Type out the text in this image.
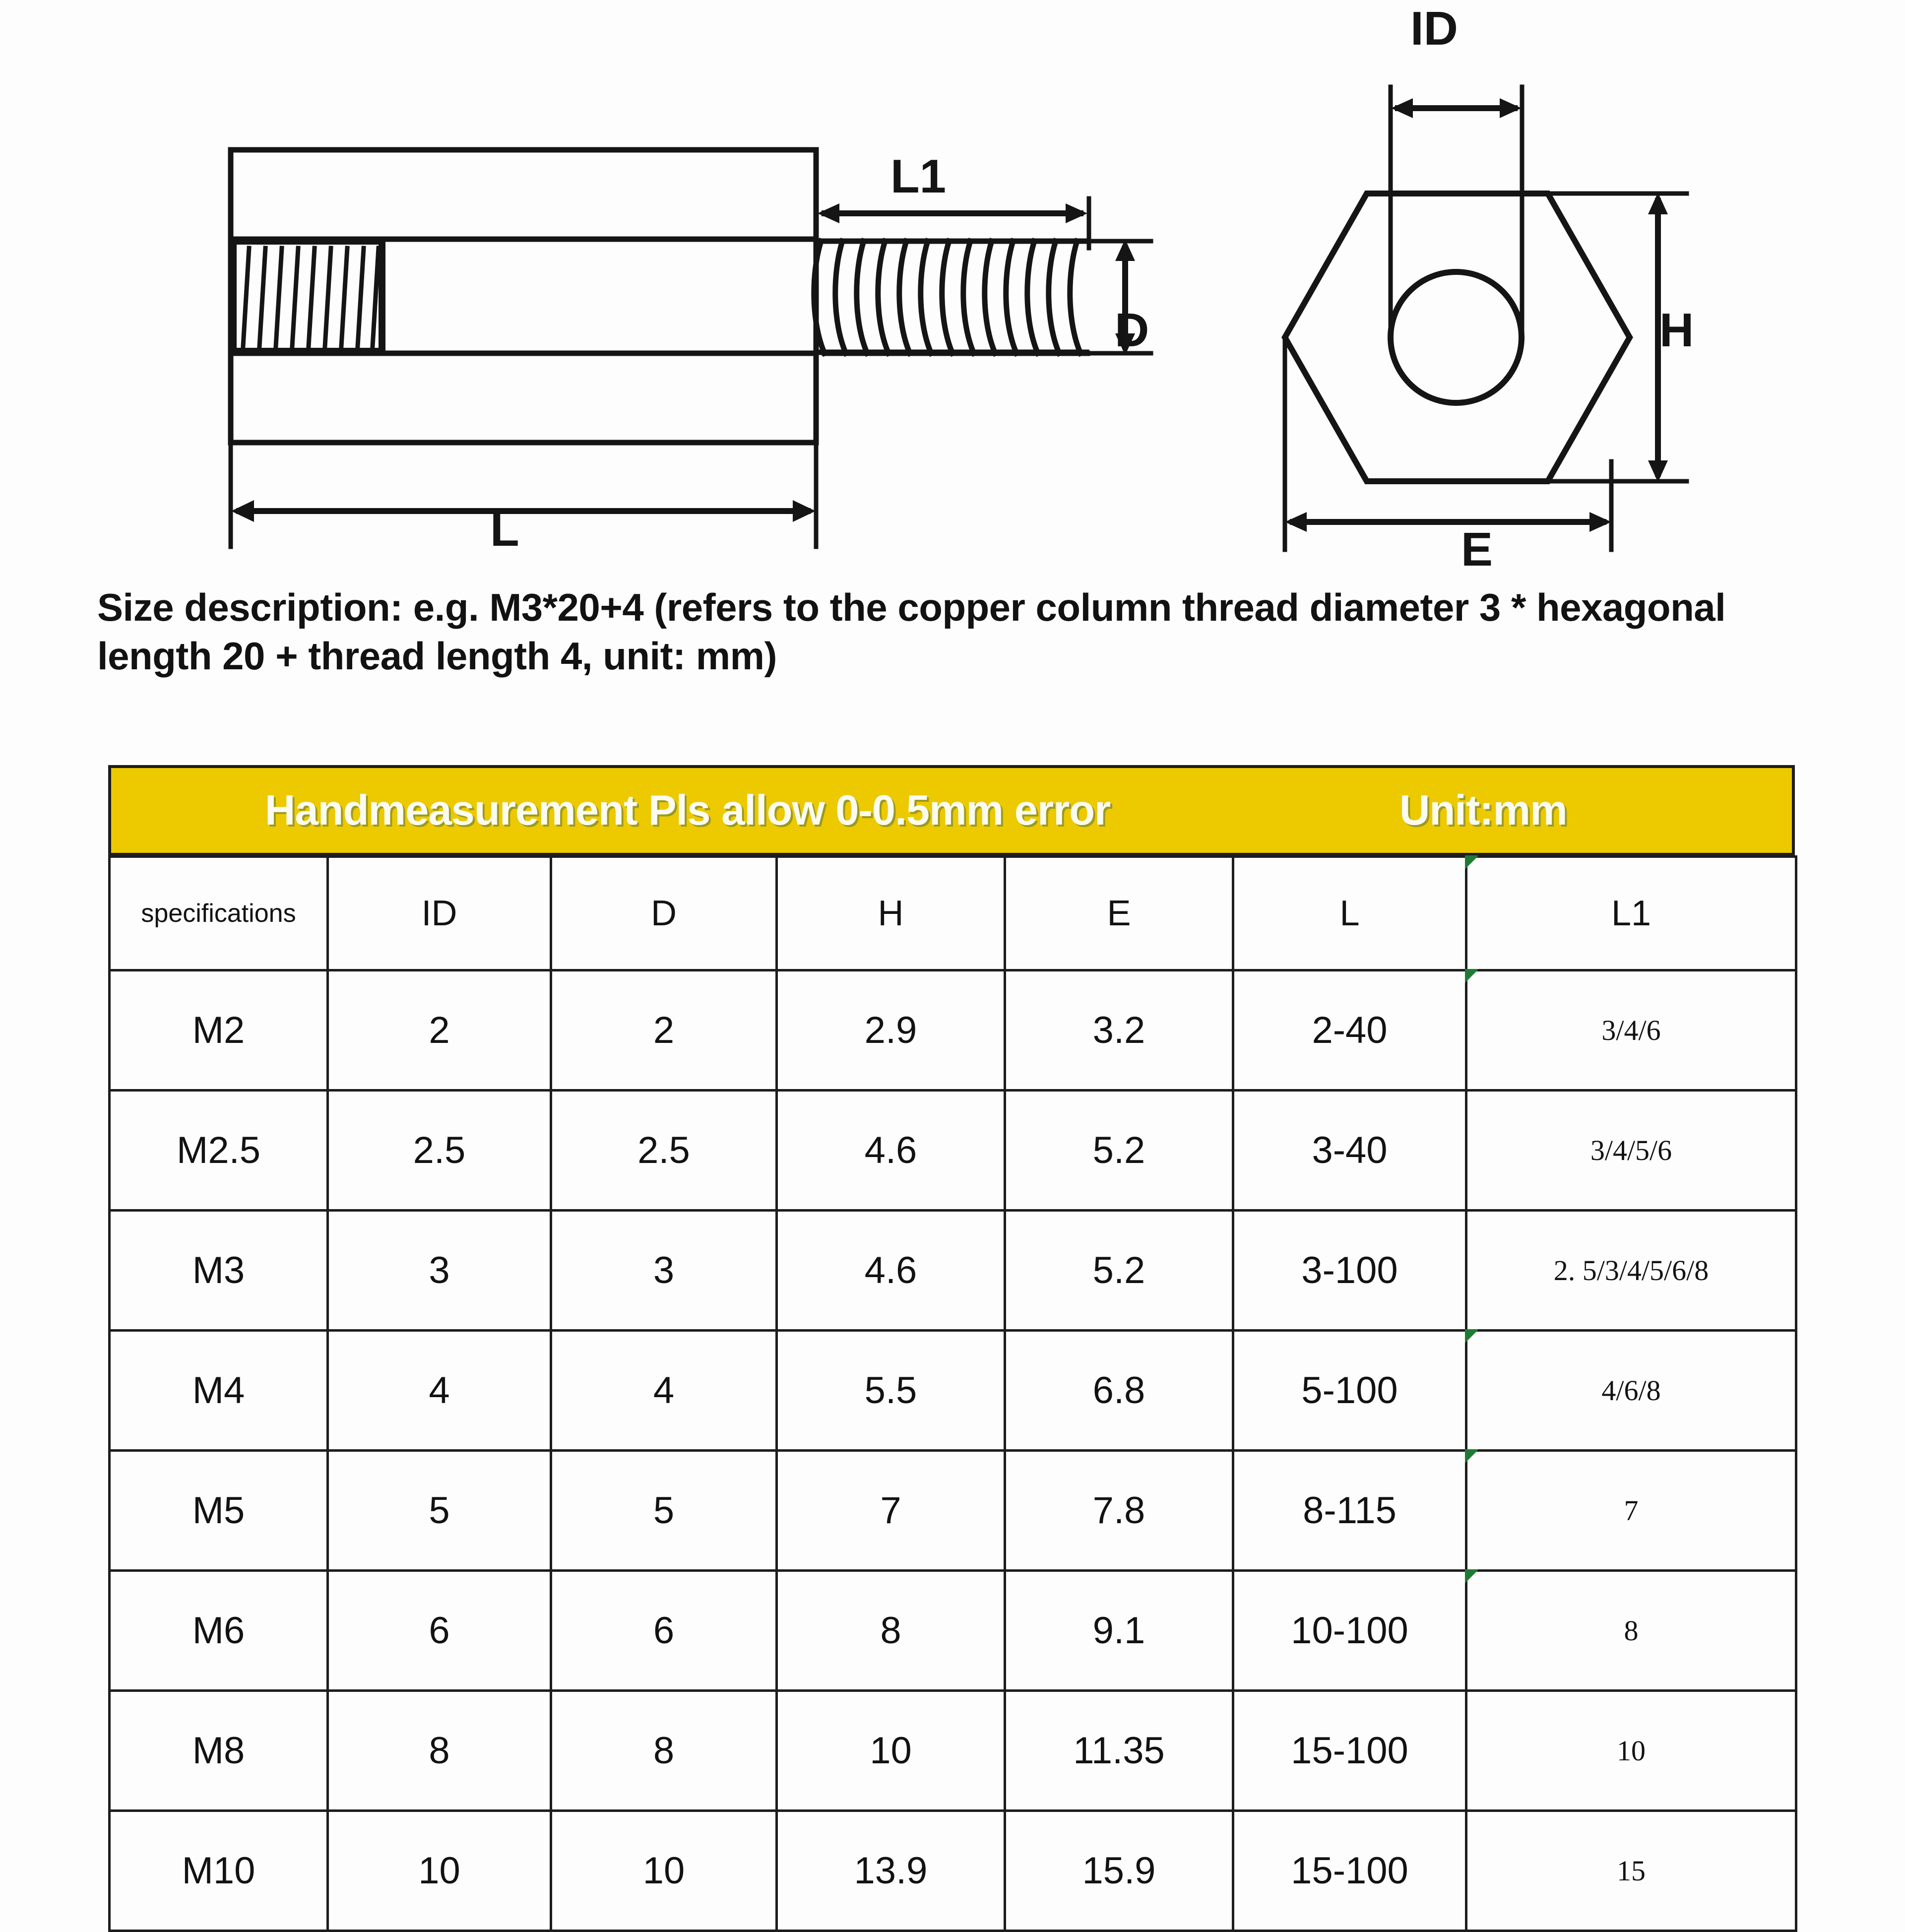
L1
D
L
ID
H
E
Size description: e.g. M3*20+4 (refers to the copper column thread diameter 3 * hexagonal length 20 + thread length 4, unit: mm)
Handmeasurement Pls allow 0-0.5mm error	Unit:mm
specifications	ID	D	H	E	L	L1
M2	2	2	2.9	3.2	2-40	3/4/6
M2.5	2.5	2.5	4.6	5.2	3-40	3/4/5/6
M3	3	3	4.6	5.2	3-100	2. 5/3/4/5/6/8
M4	4	4	5.5	6.8	5-100	4/6/8
M5	5	5	7	7.8	8-115	7
M6	6	6	8	9.1	10-100	8
M8	8	8	10	11.35	15-100	10
M10	10	10	13.9	15.9	15-100	15
